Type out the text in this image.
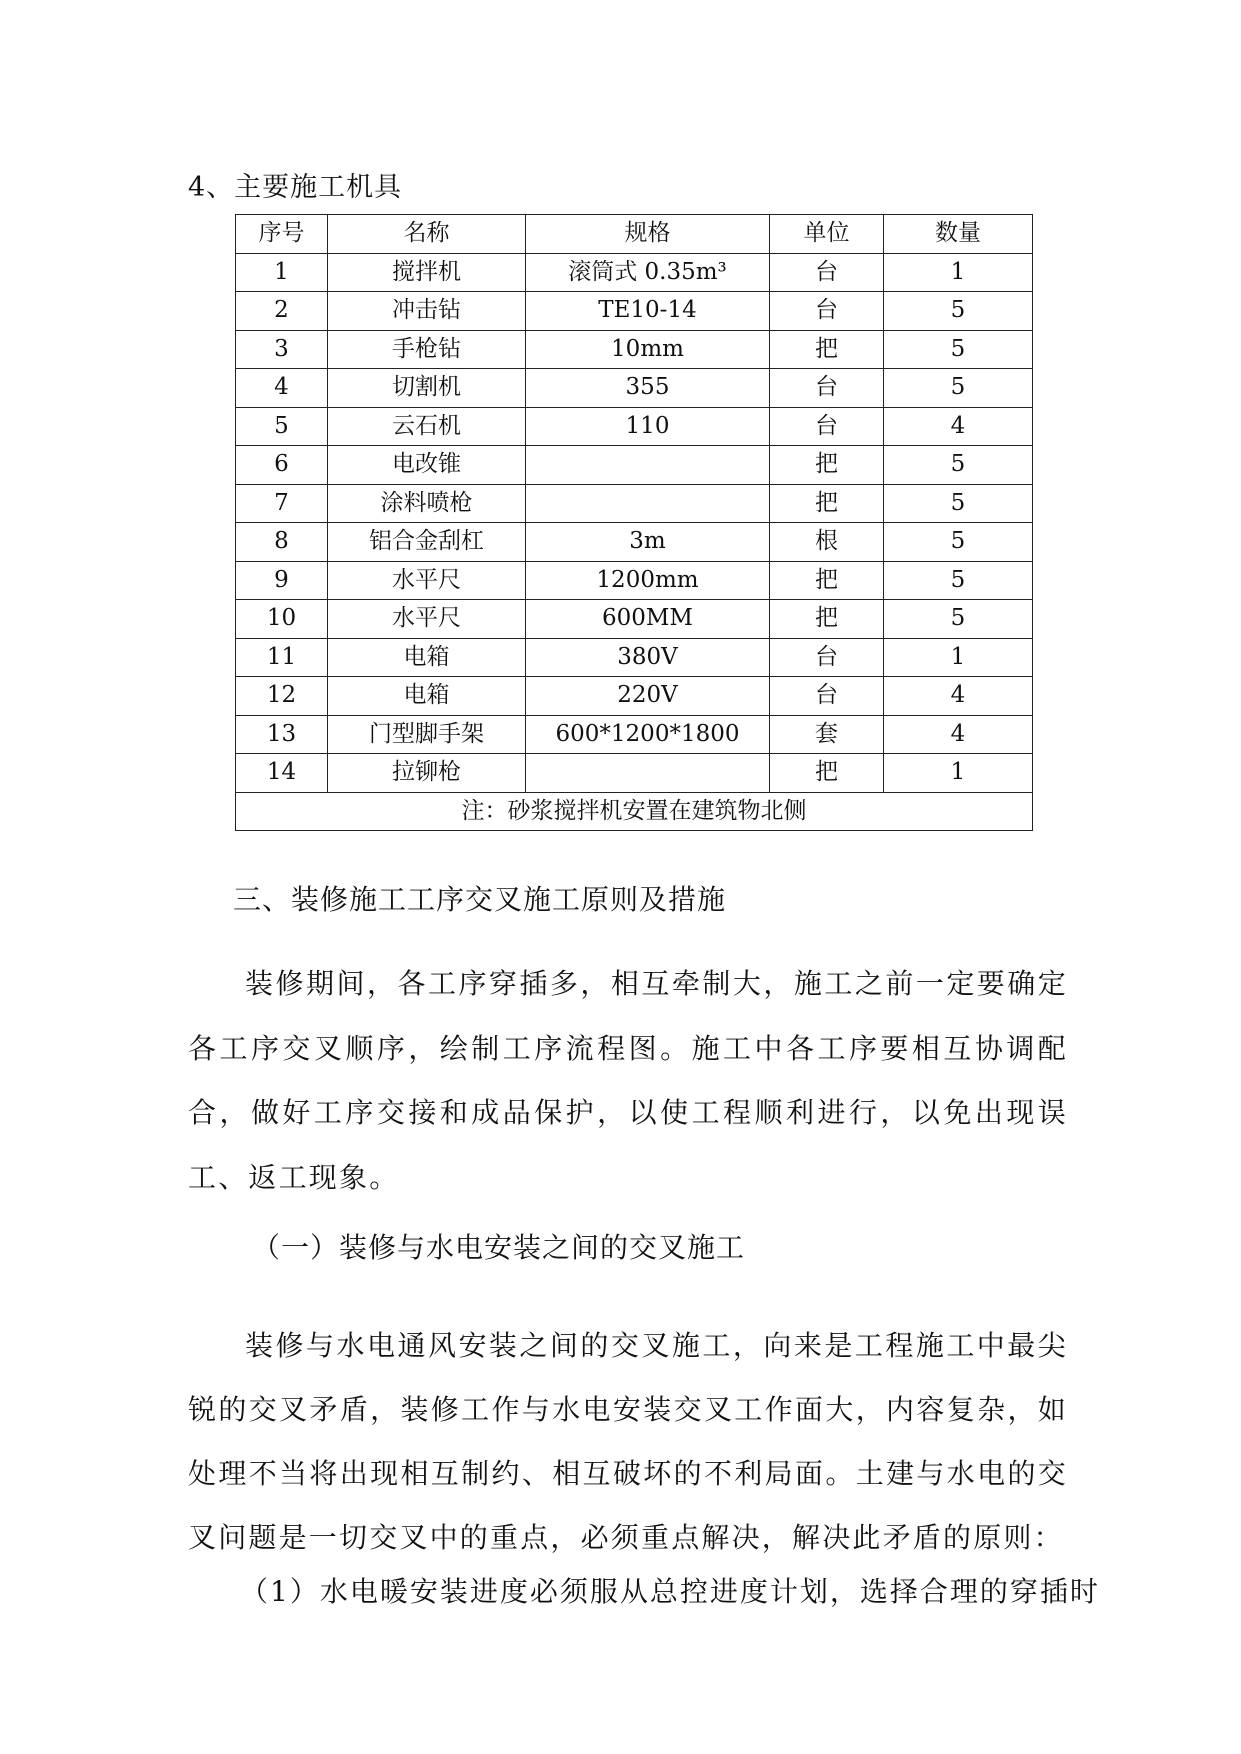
4、主要施工机具
序号	名称	规格	单位	数量
1	搅拌机	滚筒式 0.35m³	台	1
2	冲击钻	TE10-14	台	5
3	手枪钻	10mm	把	5
4	切割机	355	台	5
5	云石机	110	台	4
6	电改锥		把	5
7	涂料喷枪		把	5
8	铝合金刮杠	3m	根	5
9	水平尺	1200mm	把	5
10	水平尺	600MM	把	5
11	电箱	380V	台	1
12	电箱	220V	台	4
13	门型脚手架	600*1200*1800	套	4
14	拉铆枪		把	1
注：砂浆搅拌机安置在建筑物北侧				
三、装修施工工序交叉施工原则及措施

装修期间，各工序穿插多，相互牵制大，施工之前一定要确定各工序交叉顺序，绘制工序流程图。施工中各工序要相互协调配合，做好工序交接和成品保护，以使工程顺利进行，以免出现误工、返工现象。

（一）装修与水电安装之间的交叉施工

装修与水电通风安装之间的交叉施工，向来是工程施工中最尖锐的交叉矛盾，装修工作与水电安装交叉工作面大，内容复杂，如处理不当将出现相互制约、相互破坏的不利局面。土建与水电的交叉问题是一切交叉中的重点，必须重点解决，解决此矛盾的原则：

（1）水电暖安装进度必须服从总控进度计划，选择合理的穿插时
